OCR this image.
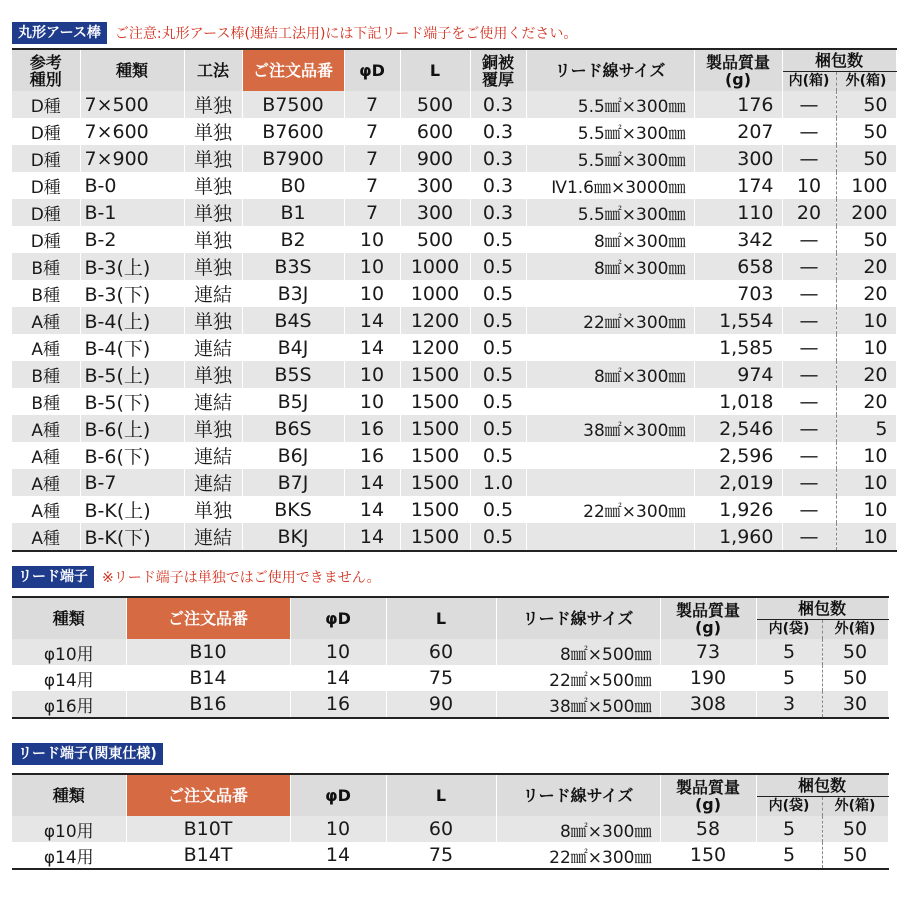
丸形アース棒	ご注意:丸形アース棒(連結工法用)には下記リード端子をご使用ください。
参考
種別	種類	工法	ご注文品番	φD	L	銅被
覆厚	リード線サイズ	製品質量
(g)	梱包数	
									内(箱)	外(箱)
D種	7×500	単独	B7500	7	500	0.3	5.5㎟×300㎜	176	—	50
D種	7×600	単独	B7600	7	600	0.3	5.5㎟×300㎜	207	—	50
D種	7×900	単独	B7900	7	900	0.3	5.5㎟×300㎜	300	—	50
D種	B-0	単独	B0	7	300	0.3	Ⅳ1.6㎜×3000㎜	174	10	100
D種	B-1	単独	B1	7	300	0.3	5.5㎟×300㎜	110	20	200
D種	B-2	単独	B2	10	500	0.5	8㎟×300㎜	342	—	50
B種	B-3(上)	単独	B3S	10	1000	0.5	8㎟×300㎜	658	—	20
B種	B-3(下)	連結	B3J	10	1000	0.5		703	—	20
A種	B-4(上)	単独	B4S	14	1200	0.5	22㎟×300㎜	1,554	—	10
A種	B-4(下)	連結	B4J	14	1200	0.5		1,585	—	10
B種	B-5(上)	単独	B5S	10	1500	0.5	8㎟×300㎜	974	—	20
B種	B-5(下)	連結	B5J	10	1500	0.5		1,018	—	20
A種	B-6(上)	単独	B6S	16	1500	0.5	38㎟×300㎜	2,546	—	5
A種	B-6(下)	連結	B6J	16	1500	0.5		2,596	—	10
A種	B-7	連結	B7J	14	1500	1.0		2,019	—	10
A種	B-K(上)	単独	BKS	14	1500	0.5	22㎟×300㎜	1,926	—	10
A種	B-K(下)	連結	BKJ	14	1500	0.5		1,960	—	10
リード端子	※リード端子は単独ではご使用できません。
種類	ご注文品番	φD	L	リード線サイズ	製品質量
(g)	梱包数	
						内(袋)	外(箱)
φ10用	B10	10	60	8㎟×500㎜	73	5	50
φ14用	B14	14	75	22㎟×500㎜	190	5	50
φ16用	B16	16	90	38㎟×500㎜	308	3	30
リード端子(関東仕様)
種類	ご注文品番	φD	L	リード線サイズ	製品質量
(g)	梱包数	
						内(袋)	外(箱)
φ10用	B10T	10	60	8㎟×300㎜	58	5	50
φ14用	B14T	14	75	22㎟×300㎜	150	5	50
